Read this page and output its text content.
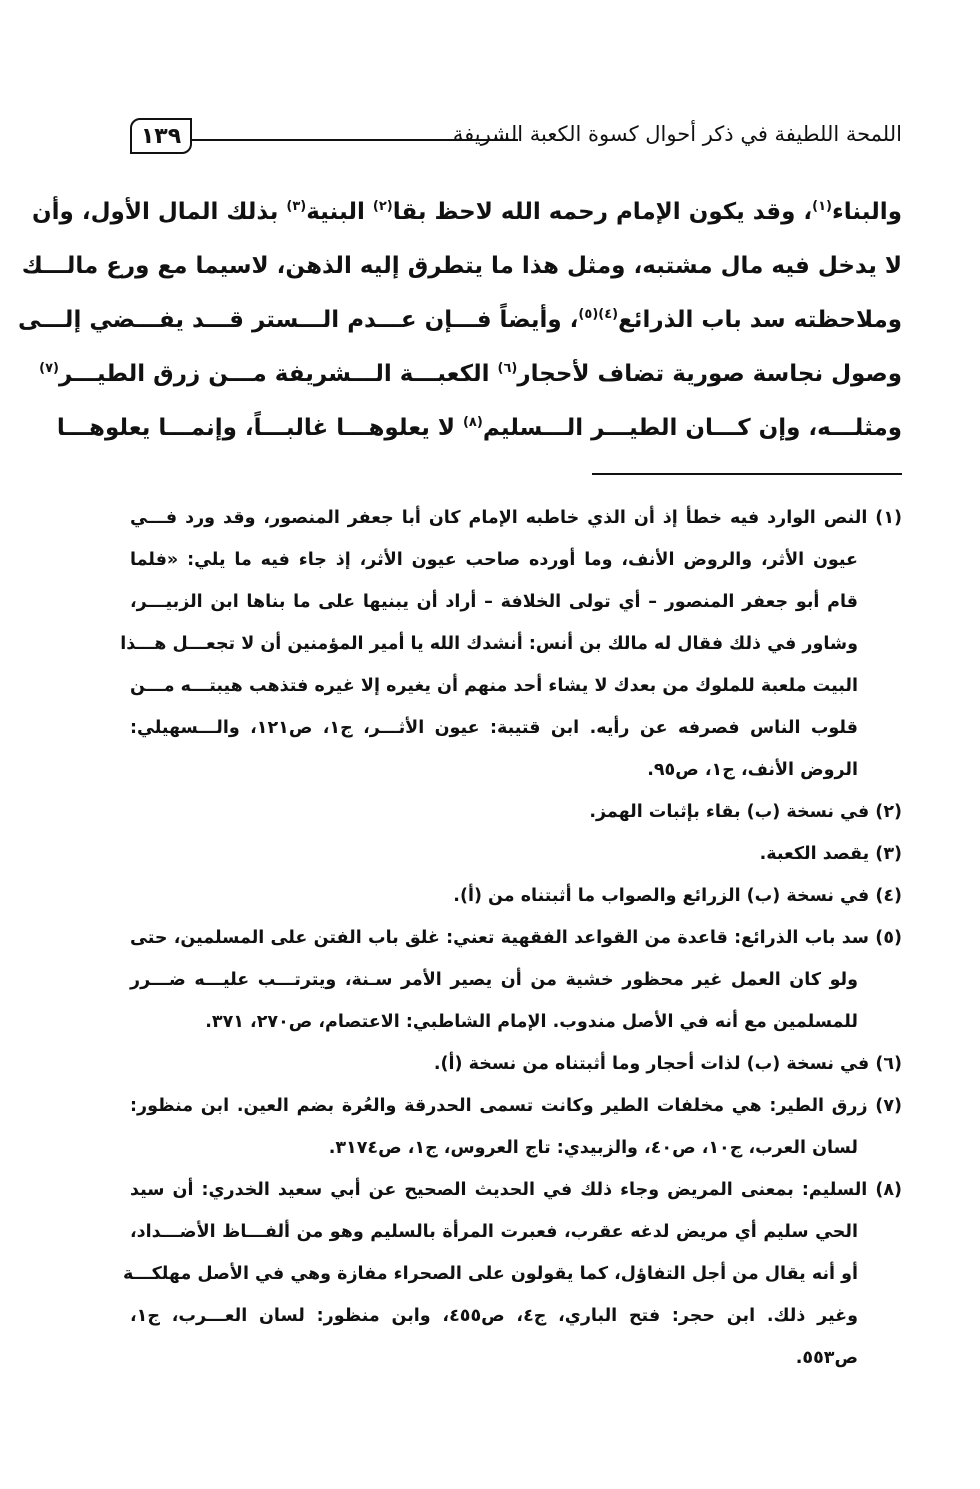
اللمحة اللطيفة في ذكر أحوال كسوة الكعبة الشريفة
١٣٩
والبناء$^{(١)}$، وقد يكون الإمام رحمه الله لاحظ بقا$^{(٢)}$ البنية$^{(٣)}$ بذلك المال الأول، وأن
لا يدخل فيه مال مشتبه، ومثل هذا ما يتطرق إليه الذهن، لاسيما مع ورع مالـــك
وملاحظته سد باب الذرائع$^{(٤)(٥)}$، وأيضاً فـــإن عـــدم الـــستر قـــد يفـــضي إلـــى
وصول نجاسة صورية تضاف لأحجار$^{(٦)}$ الكعبـــة الـــشريفة مـــن زرق الطيـــر$^{(٧)}$
ومثلـــه، وإن كـــان الطيـــر الـــسليم$^{(٨)}$ لا يعلوهـــا غالبـــاً، وإنمـــا يعلوهـــا
(١) النص الوارد فيه خطأ إذ أن الذي خاطبه الإمام كان أبا جعفر المنصور، وقد ورد فـــي
عيون الأثر، والروض الأنف، وما أورده صاحب عيون الأثر، إذ جاء فيه ما يلي: «فلما
قام أبو جعفر المنصور – أي تولى الخلافة – أراد أن يبنيها على ما بناها ابن الزبيـــر،
وشاور في ذلك فقال له مالك بن أنس: أنشدك الله يا أمير المؤمنين أن لا تجعـــل هـــذا
البيت ملعبة للملوك من بعدك لا يشاء أحد منهم أن يغيره إلا غيره فتذهب هيبتـــه مـــن
قلوب الناس فصرفه عن رأيه. ابن قتيبة: عيون الأثـــر، ج١، ص١٢١، والـــسهيلي:
الروض الأنف، ج١، ص٩٥.
(٢) في نسخة (ب) بقاء بإثبات الهمز.
(٣) يقصد الكعبة.
(٤) في نسخة (ب) الزرائع والصواب ما أثبتناه من (أ).
(٥) سد باب الذرائع: قاعدة من القواعد الفقهية تعني: غلق باب الفتن على المسلمين، حتى
ولو كان العمل غير محظور خشية من أن يصير الأمر سـنة، ويترتـــب عليـــه ضـــرر
للمسلمين مع أنه في الأصل مندوب. الإمام الشاطبي: الاعتصام، ص٢٧٠، ٣٧١.
(٦) في نسخة (ب) لذات أحجار وما أثبتناه من نسخة (أ).
(٧) زرق الطير: هي مخلفات الطير وكانت تسمى الحدرقة والعُرة بضم العين. ابن منظور:
لسان العرب، ج١٠، ص٤٠، والزبيدي: تاج العروس، ج١، ص٣١٧٤.
(٨) السليم: بمعنى المريض وجاء ذلك في الحديث الصحيح عن أبي سعيد الخدري: أن سيد
الحي سليم أي مريض لدغه عقرب، فعبرت المرأة بالسليم وهو من ألفـــاظ الأضـــداد،
أو أنه يقال من أجل التفاؤل، كما يقولون على الصحراء مفازة وهي في الأصل مهلكـــة
وغير ذلك. ابن حجر: فتح الباري، ج٤، ص٤٥٥، وابن منظور: لسان العـــرب، ج١،
ص٥٥٣.
